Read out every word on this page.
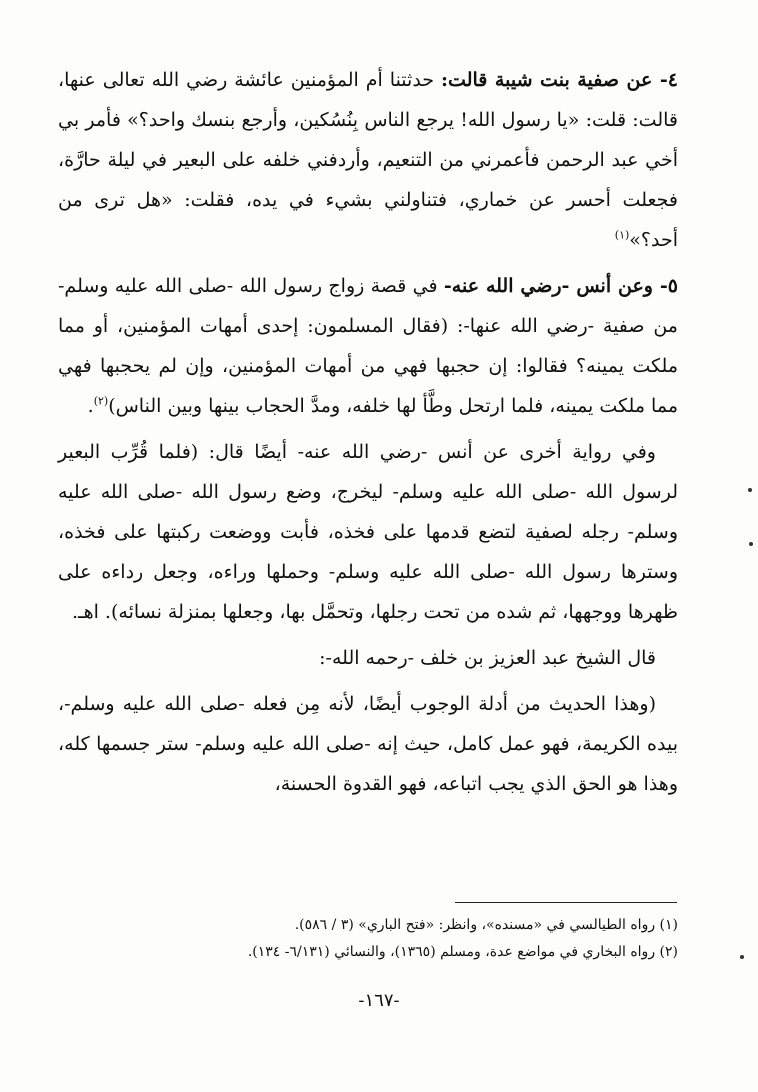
٤- عن صفية بنت شيبة قالت: حدثتنا أم المؤمنين عائشة رضي الله تعالى عنها، قالت: قلت: «يا رسول الله! يرجع الناس بِنُسُكين، وأرجع بنسك واحد؟» فأمر بي أخي عبد الرحمن فأعمرني من التنعيم، وأردفني خلفه على البعير في ليلة حارَّة، فجعلت أحسر عن خماري، فتناولني بشيء في يده، فقلت: «هل ترى من أحد؟»$^{(١)}$

٥- وعن أنس -رضي الله عنه- في قصة زواج رسول الله -صلى الله عليه وسلم- من صفية -رضي الله عنها-: (فقال المسلمون: إحدى أمهات المؤمنين، أو مما ملكت يمينه؟ فقالوا: إن حجبها فهي من أمهات المؤمنين، وإن لم يحجبها فهي مما ملكت يمينه، فلما ارتحل وطَّأ لها خلفه، ومدَّ الحجاب بينها وبين الناس)$^{(٢)}$.

وفي رواية أخرى عن أنس -رضي الله عنه- أيضًا قال: (فلما قُرِّب البعير لرسول الله -صلى الله عليه وسلم- ليخرج، وضع رسول الله -صلى الله عليه وسلم- رجله لصفية لتضع قدمها على فخذه، فأبت ووضعت ركبتها على فخذه، وسترها رسول الله -صلى الله عليه وسلم- وحملها وراءه، وجعل رداءه على ظهرها ووجهها، ثم شده من تحت رجلها، وتحمَّل بها، وجعلها بمنزلة نسائه). اهـ.

قال الشيخ عبد العزيز بن خلف -رحمه الله-:

(وهذا الحديث من أدلة الوجوب أيضًا، لأنه مِن فعله -صلى الله عليه وسلم-، بيده الكريمة، فهو عمل كامل، حيث إنه -صلى الله عليه وسلم- ستر جسمها كله، وهذا هو الحق الذي يجب اتباعه، فهو القدوة الحسنة،

(١) رواه الطيالسي في «مسنده»، وانظر: «فتح الباري» (٣ / ٥٨٦).

(٢) رواه البخاري في مواضع عدة، ومسلم (١٣٦٥)، والنسائي (٦/١٣١- ١٣٤).

-١٦٧-
